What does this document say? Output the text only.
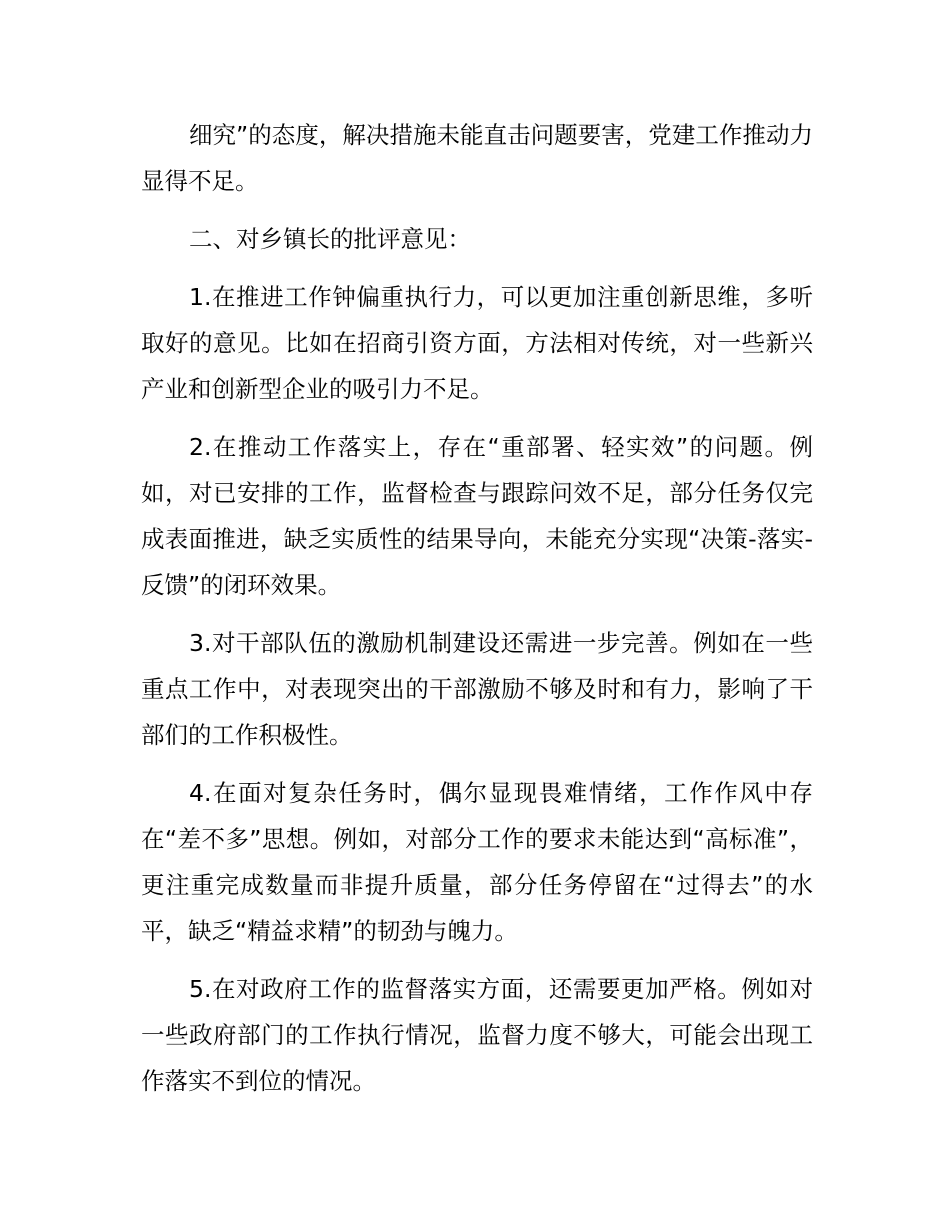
细究”的态度，解决措施未能直击问题要害，党建工作推动力显得不足。

二、对乡镇长的批评意见：

1.在推进工作钟偏重执行力，可以更加注重创新思维，多听取好的意见。比如在招商引资方面，方法相对传统，对一些新兴产业和创新型企业的吸引力不足。

2.在推动工作落实上，存在“重部署、轻实效”的问题。例如，对已安排的工作，监督检查与跟踪问效不足，部分任务仅完成表面推进，缺乏实质性的结果导向，未能充分实现“决策-落实-反馈”的闭环效果。

3.对干部队伍的激励机制建设还需进一步完善。例如在一些重点工作中，对表现突出的干部激励不够及时和有力，影响了干部们的工作积极性。

4.在面对复杂任务时，偶尔显现畏难情绪，工作作风中存在“差不多”思想。例如，对部分工作的要求未能达到“高标准”，更注重完成数量而非提升质量，部分任务停留在“过得去”的水平，缺乏“精益求精”的韧劲与魄力。

5.在对政府工作的监督落实方面，还需要更加严格。例如对一些政府部门的工作执行情况，监督力度不够大，可能会出现工作落实不到位的情况。
